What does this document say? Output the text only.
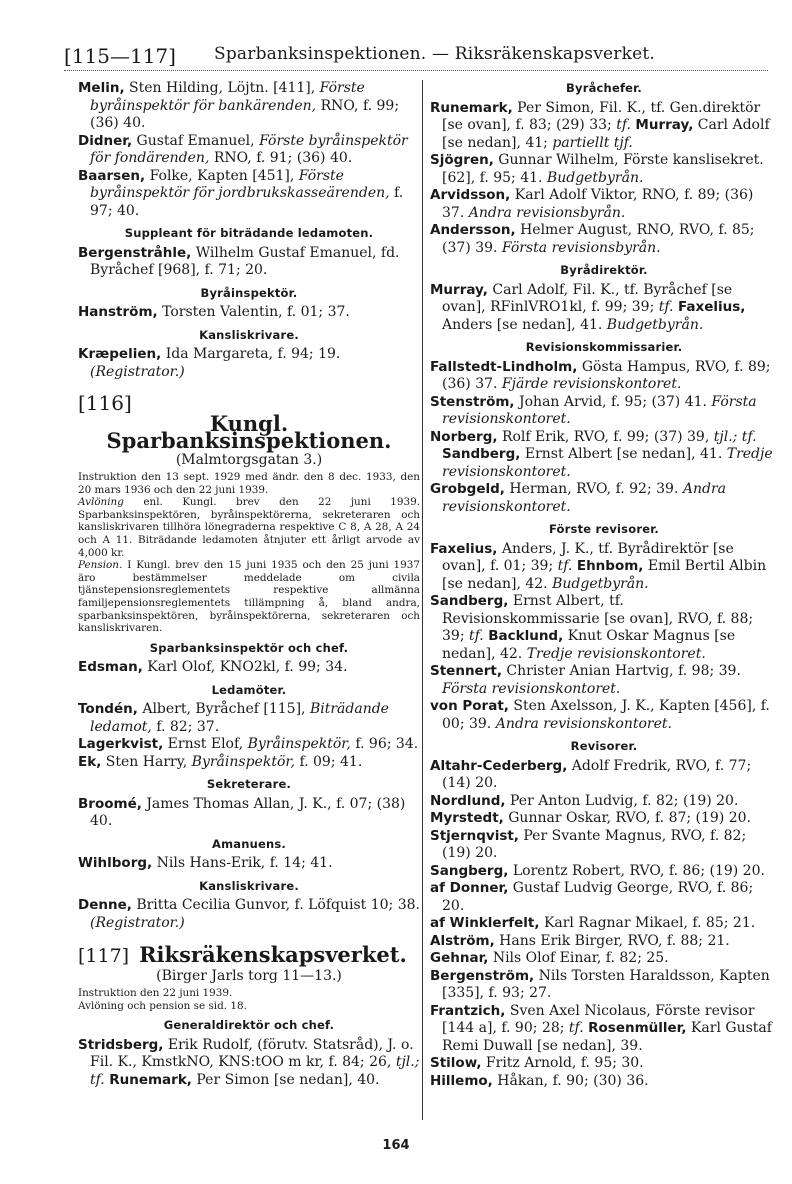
[115—117] Sparbanksinspektionen. — Riksräkenskapsverket.

Melin, Sten Hilding, Löjtn. [411], Förste byråinspektör för bankärenden, RNO, f. 99; (36) 40.

Didner, Gustaf Emanuel, Förste byråinspektör för fondärenden, RNO, f. 91; (36) 40.

Baarsen, Folke, Kapten [451], Förste byråinspektör för jordbrukskasseärenden, f. 97; 40.

Suppleant för biträdande ledamoten.

Bergenstråhle, Wilhelm Gustaf Emanuel, fd. Byråchef [968], f. 71; 20.

Byråinspektör.

Hanström, Torsten Valentin, f. 01; 37.

Kansliskrivare.

Kræpelien, Ida Margareta, f. 94; 19. (Registrator.)

[116]
Kungl. Sparbanksinspektionen.
(Malmtorgsgatan 3.)

Instruktion den 13 sept. 1929 med ändr. den 8 dec. 1933, den 20 mars 1936 och den 22 juni 1939.

Avlöning enl. Kungl. brev den 22 juni 1939. Sparbanksinspektören, byråinspektörerna, sekreteraren och kansliskrivaren tillhöra lönegraderna respektive C 8, A 28, A 24 och A 11. Biträdande ledamoten åtnjuter ett årligt arvode av 4,000 kr.

Pension. I Kungl. brev den 15 juni 1935 och den 25 juni 1937 äro bestämmelser meddelade om civila tjänstepensionsreglementets respektive allmänna familjepensionsreglementets tillämpning å, bland andra, sparbanksinspektören, byråinspektörerna, sekreteraren och kansliskrivaren.

Sparbanksinspektör och chef.

Edsman, Karl Olof, KNO2kl, f. 99; 34.

Ledamöter.

Tondén, Albert, Byråchef [115], Biträdande ledamot, f. 82; 37.

Lagerkvist, Ernst Elof, Byråinspektör, f. 96; 34.

Ek, Sten Harry, Byråinspektör, f. 09; 41.

Sekreterare.

Broomé, James Thomas Allan, J. K., f. 07; (38) 40.

Amanuens.

Wihlborg, Nils Hans-Erik, f. 14; 41.

Kansliskrivare.

Denne, Britta Cecilia Gunvor, f. Löfquist 10; 38. (Registrator.)

[117] Riksräkenskapsverket.
(Birger Jarls torg 11—13.)

Instruktion den 22 juni 1939.

Avlöning och pension se sid. 18.

Generaldirektör och chef.

Stridsberg, Erik Rudolf, (förutv. Statsråd), J. o. Fil. K., KmstkNO, KNS:tOO m kr, f. 84; 26, tjl.; tf. Runemark, Per Simon [se nedan], 40.

Byråchefer.

Runemark, Per Simon, Fil. K., tf. Gen.direktör [se ovan], f. 83; (29) 33; tf. Murray, Carl Adolf [se nedan], 41; partiellt tjf.

Sjögren, Gunnar Wilhelm, Förste kanslisekret. [62], f. 95; 41. Budgetbyrån.

Arvidsson, Karl Adolf Viktor, RNO, f. 89; (36) 37. Andra revisionsbyrån.

Andersson, Helmer August, RNO, RVO, f. 85; (37) 39. Första revisionsbyrån.

Byrådirektör.

Murray, Carl Adolf, Fil. K., tf. Byråchef [se ovan], RFinlVRO1kl, f. 99; 39; tf. Faxelius, Anders [se nedan], 41. Budgetbyrån.

Revisionskommissarier.

Fallstedt-Lindholm, Gösta Hampus, RVO, f. 89; (36) 37. Fjärde revisionskontoret.

Stenström, Johan Arvid, f. 95; (37) 41. Första revisionskontoret.

Norberg, Rolf Erik, RVO, f. 99; (37) 39, tjl.; tf. Sandberg, Ernst Albert [se nedan], 41. Tredje revisionskontoret.

Grobgeld, Herman, RVO, f. 92; 39. Andra revisionskontoret.

Förste revisorer.

Faxelius, Anders, J. K., tf. Byrådirektör [se ovan], f. 01; 39; tf. Ehnbom, Emil Bertil Albin [se nedan], 42. Budgetbyrån.

Sandberg, Ernst Albert, tf. Revisionskommissarie [se ovan], RVO, f. 88; 39; tf. Backlund, Knut Oskar Magnus [se nedan], 42. Tredje revisionskontoret.

Stennert, Christer Anian Hartvig, f. 98; 39. Första revisionskontoret.

von Porat, Sten Axelsson, J. K., Kapten [456], f. 00; 39. Andra revisionskontoret.

Revisorer.

Altahr-Cederberg, Adolf Fredrik, RVO, f. 77; (14) 20.

Nordlund, Per Anton Ludvig, f. 82; (19) 20.

Myrstedt, Gunnar Oskar, RVO, f. 87; (19) 20.

Stjernqvist, Per Svante Magnus, RVO, f. 82; (19) 20.

Sangberg, Lorentz Robert, RVO, f. 86; (19) 20.

af Donner, Gustaf Ludvig George, RVO, f. 86; 20.

af Winklerfelt, Karl Ragnar Mikael, f. 85; 21.

Alström, Hans Erik Birger, RVO, f. 88; 21.

Gehnar, Nils Olof Einar, f. 82; 25.

Bergenström, Nils Torsten Haraldsson, Kapten [335], f. 93; 27.

Frantzich, Sven Axel Nicolaus, Förste revisor [144 a], f. 90; 28; tf. Rosenmüller, Karl Gustaf Remi Duwall [se nedan], 39.

Stilow, Fritz Arnold, f. 95; 30.

Hillemo, Håkan, f. 90; (30) 36.

164
